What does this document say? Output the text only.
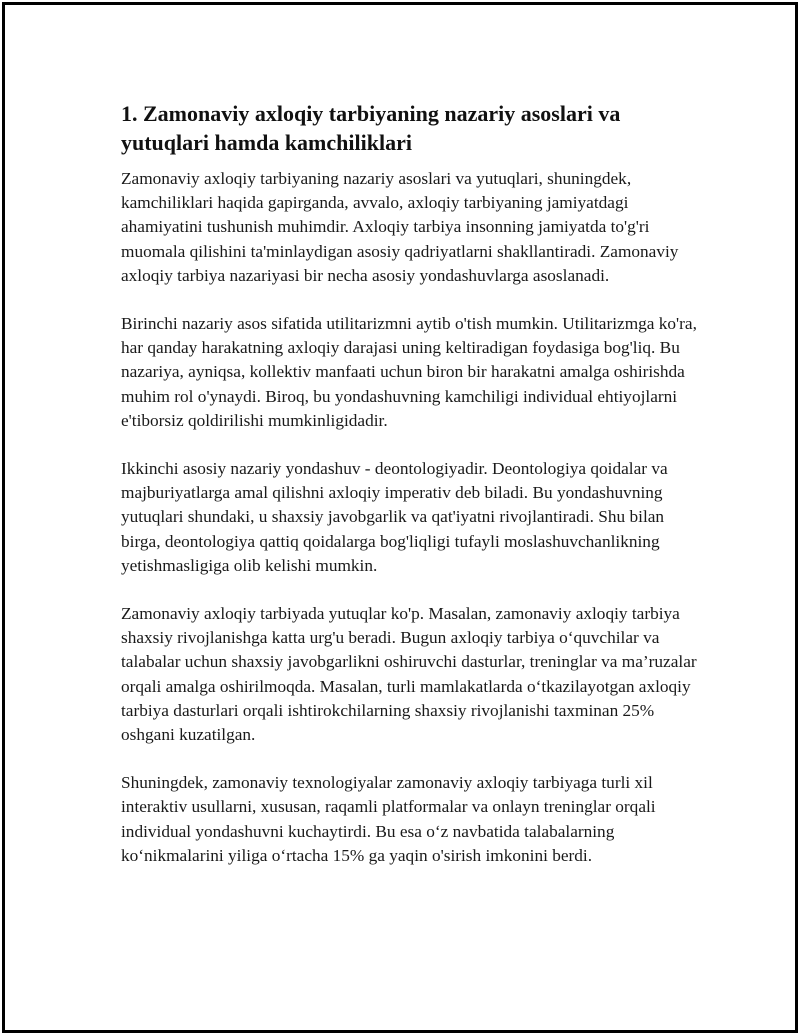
1. Zamonaviy axloqiy tarbiyaning nazariy asoslari va yutuqlari hamda kamchiliklari

Zamonaviy axloqiy tarbiyaning nazariy asoslari va yutuqlari, shuningdek, kamchiliklari haqida gapirganda, avvalo, axloqiy tarbiyaning jamiyatdagi ahamiyatini tushunish muhimdir. Axloqiy tarbiya insonning jamiyatda to'g'ri muomala qilishini ta'minlaydigan asosiy qadriyatlarni shakllantiradi. Zamonaviy axloqiy tarbiya nazariyasi bir necha asosiy yondashuvlarga asoslanadi.

Birinchi nazariy asos sifatida utilitarizmni aytib o'tish mumkin. Utilitarizmga ko'ra, har qanday harakatning axloqiy darajasi uning keltiradigan foydasiga bog'liq. Bu nazariya, ayniqsa, kollektiv manfaati uchun biron bir harakatni amalga oshirishda muhim rol o'ynaydi. Biroq, bu yondashuvning kamchiligi individual ehtiyojlarni e'tiborsiz qoldirilishi mumkinligidadir.

Ikkinchi asosiy nazariy yondashuv - deontologiyadir. Deontologiya qoidalar va majburiyatlarga amal qilishni axloqiy imperativ deb biladi. Bu yondashuvning yutuqlari shundaki, u shaxsiy javobgarlik va qat'iyatni rivojlantiradi. Shu bilan birga, deontologiya qattiq qoidalarga bog'liqligi tufayli moslashuvchanlikning yetishmasligiga olib kelishi mumkin.

Zamonaviy axloqiy tarbiyada yutuqlar ko'p. Masalan, zamonaviy axloqiy tarbiya shaxsiy rivojlanishga katta urg'u beradi. Bugun axloqiy tarbiya o‘quvchilar va talabalar uchun shaxsiy javobgarlikni oshiruvchi dasturlar, treninglar va ma’ruzalar orqali amalga oshirilmoqda. Masalan, turli mamlakatlarda o‘tkazilayotgan axloqiy tarbiya dasturlari orqali ishtirokchilarning shaxsiy rivojlanishi taxminan 25% oshgani kuzatilgan.

Shuningdek, zamonaviy texnologiyalar zamonaviy axloqiy tarbiyaga turli xil interaktiv usullarni, xususan, raqamli platformalar va onlayn treninglar orqali individual yondashuvni kuchaytirdi. Bu esa o‘z navbatida talabalarning ko‘nikmalarini yiliga o‘rtacha 15% ga yaqin o'sirish imkonini berdi.
